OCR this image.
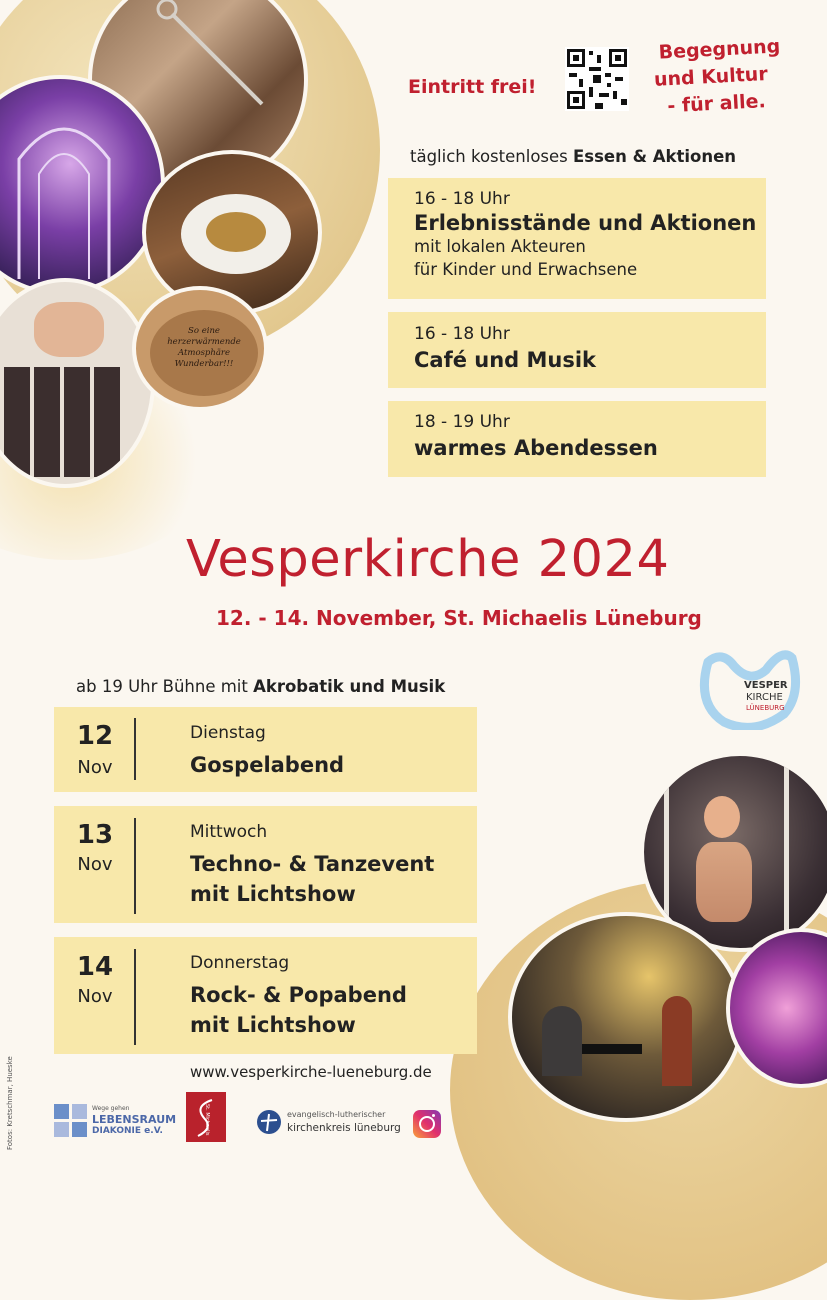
So eine herzerwärmende Atmosphäre Wunderbar!!!
Eintritt frei!
Begegnung
und Kultur
- für alle.
täglich kostenloses Essen & Aktionen
16 - 18 Uhr
Erlebnisstände und Aktionen
mit lokalen Akteuren
für Kinder und Erwachsene
16 - 18 Uhr
Café und Musik
18 - 19 Uhr
warmes Abendessen
Vesperkirche 2024
12. - 14. November, St. Michaelis Lüneburg
VESPER
KIRCHE
LÜNEBURG
ab 19 Uhr Bühne mit Akrobatik und Musik
12
Nov
Dienstag
Gospelabend
13
Nov
Mittwoch
Techno- & Tanzevent
mit Lichtshow
14
Nov
Donnerstag
Rock- & Popabend
mit Lichtshow
www.vesperkirche-lueneburg.de
Fotos: Kretschmar, Hueske	Wege gehen
LEBENSRAUM
DIAKONIE e.V.	St. Michaelis	evangelisch-lutherischer
kirchenkreis lüneburg
